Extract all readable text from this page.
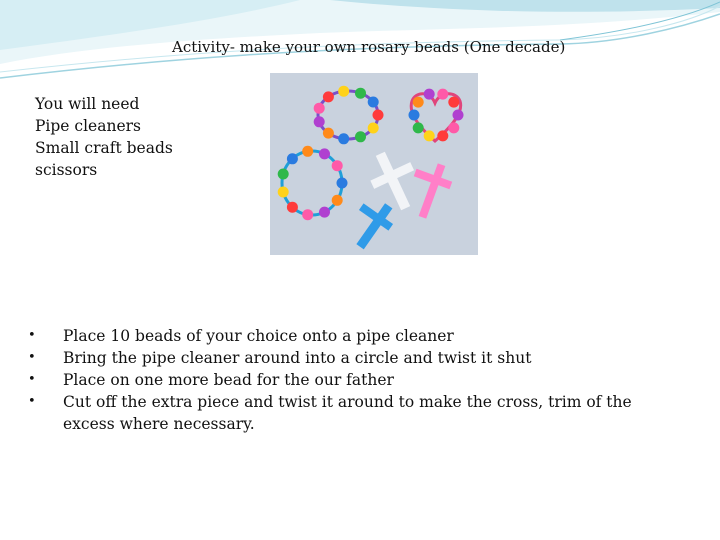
Activity- make your own rosary beads (One decade)
You will need
Pipe cleaners
Small craft beads
scissors
• Place 10 beads of your choice onto a pipe cleaner
• Bring the pipe cleaner around into a circle and twist it shut
• Place on one more bead for the our father
• Cut off the extra piece and twist it around to make the cross, trim of the excess where necessary.
